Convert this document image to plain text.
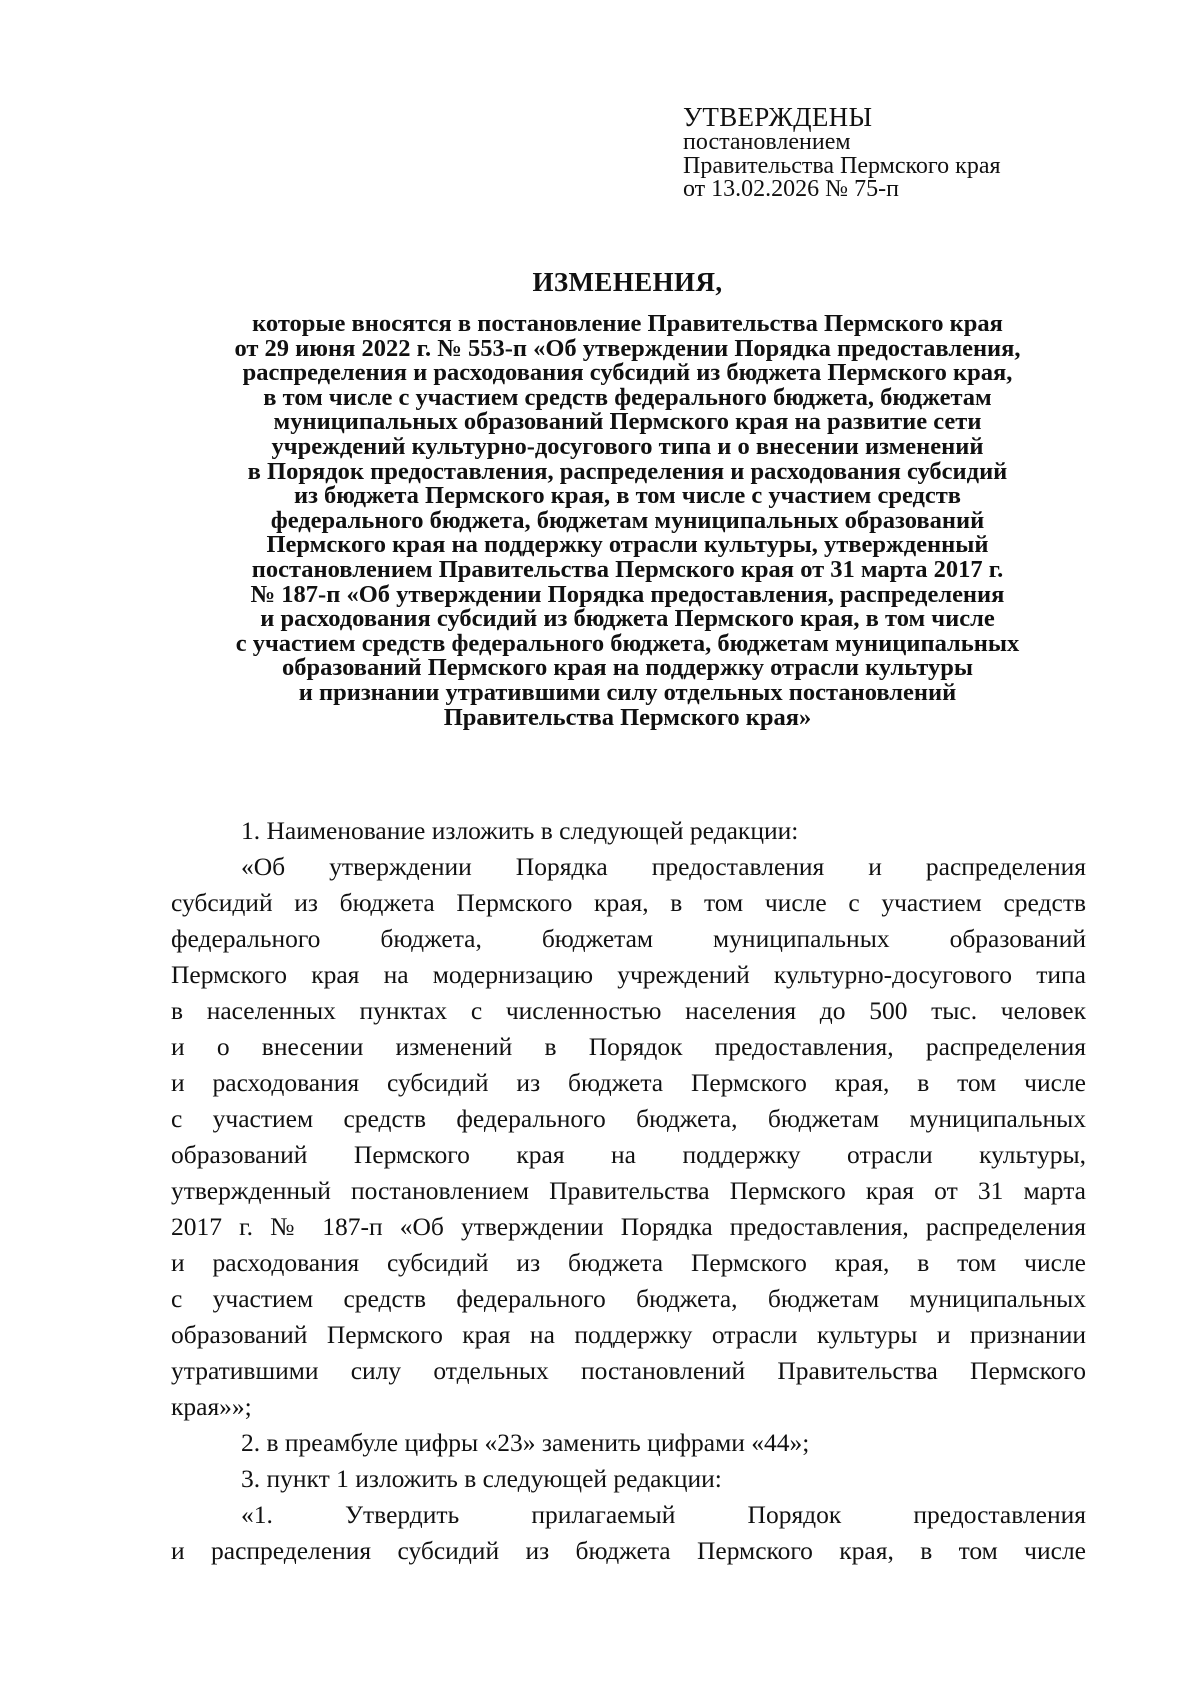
УТВЕРЖДЕНЫ
постановлением
Правительства Пермского края
от 13.02.2026 № 75-п
ИЗМЕНЕНИЯ,
которые вносятся в постановление Правительства Пермского края
от 29 июня 2022 г. № 553-п «Об утверждении Порядка предоставления,
распределения и расходования субсидий из бюджета Пермского края,
в том числе с участием средств федерального бюджета, бюджетам
муниципальных образований Пермского края на развитие сети
учреждений культурно-досугового типа и о внесении изменений
в Порядок предоставления, распределения и расходования субсидий
из бюджета Пермского края, в том числе с участием средств
федерального бюджета, бюджетам муниципальных образований
Пермского края на поддержку отрасли культуры, утвержденный
постановлением Правительства Пермского края от 31 марта 2017 г.
№ 187-п «Об утверждении Порядка предоставления, распределения
и расходования субсидий из бюджета Пермского края, в том числе
с участием средств федерального бюджета, бюджетам муниципальных
образований Пермского края на поддержку отрасли культуры
и признании утратившими силу отдельных постановлений
Правительства Пермского края»
1. Наименование изложить в следующей редакции:
«Об утверждении Порядка предоставления и распределения
субсидий из бюджета Пермского края, в том числе с участием средств
федерального бюджета, бюджетам муниципальных образований
Пермского края на модернизацию учреждений культурно-досугового типа
в населенных пунктах с численностью населения до 500 тыс. человек
и о внесении изменений в Порядок предоставления, распределения
и расходования субсидий из бюджета Пермского края, в том числе
с участием средств федерального бюджета, бюджетам муниципальных
образований Пермского края на поддержку отрасли культуры,
утвержденный постановлением Правительства Пермского края от 31 марта
2017 г. № 187-п «Об утверждении Порядка предоставления, распределения
и расходования субсидий из бюджета Пермского края, в том числе
с участием средств федерального бюджета, бюджетам муниципальных
образований Пермского края на поддержку отрасли культуры и признании
утратившими силу отдельных постановлений Правительства Пермского
края»»;
2. в преамбуле цифры «23» заменить цифрами «44»;
3. пункт 1 изложить в следующей редакции:
«1. Утвердить прилагаемый Порядок предоставления
и распределения субсидий из бюджета Пермского края, в том числе
